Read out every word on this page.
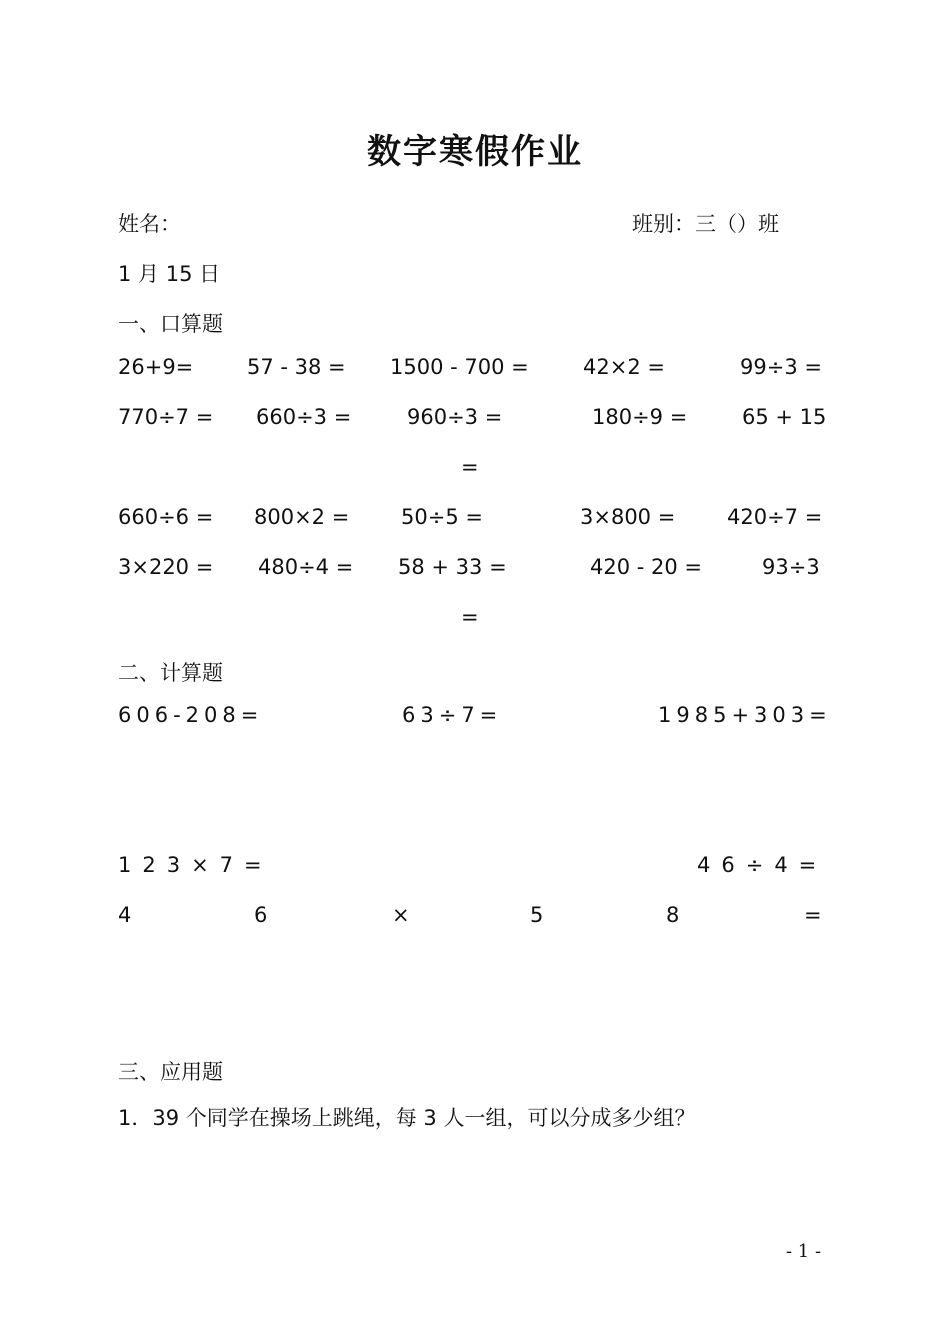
数字寒假作业
姓名：	班别：三（）班
1 月 15 日
一、口算题
26+9=	57 - 38 = 1500 - 700 =	42×2 =	99÷3 =
770÷7 = 660÷3 =	960÷3 =	180÷9 =	65 + 15
=
660÷6 = 800×2 = 50÷5 =	3×800 = 420÷7 =
3×220 = 480÷4 = 58 + 33 =	420 - 20 =	93÷3
=
二、计算题
606-208=	63÷7=	1985+303=
123×7=	46÷4=
4	6	×	5	8	=
三、应用题
1．39 个同学在操场上跳绳，每 3 人一组，可以分成多少组？
- 1 -
